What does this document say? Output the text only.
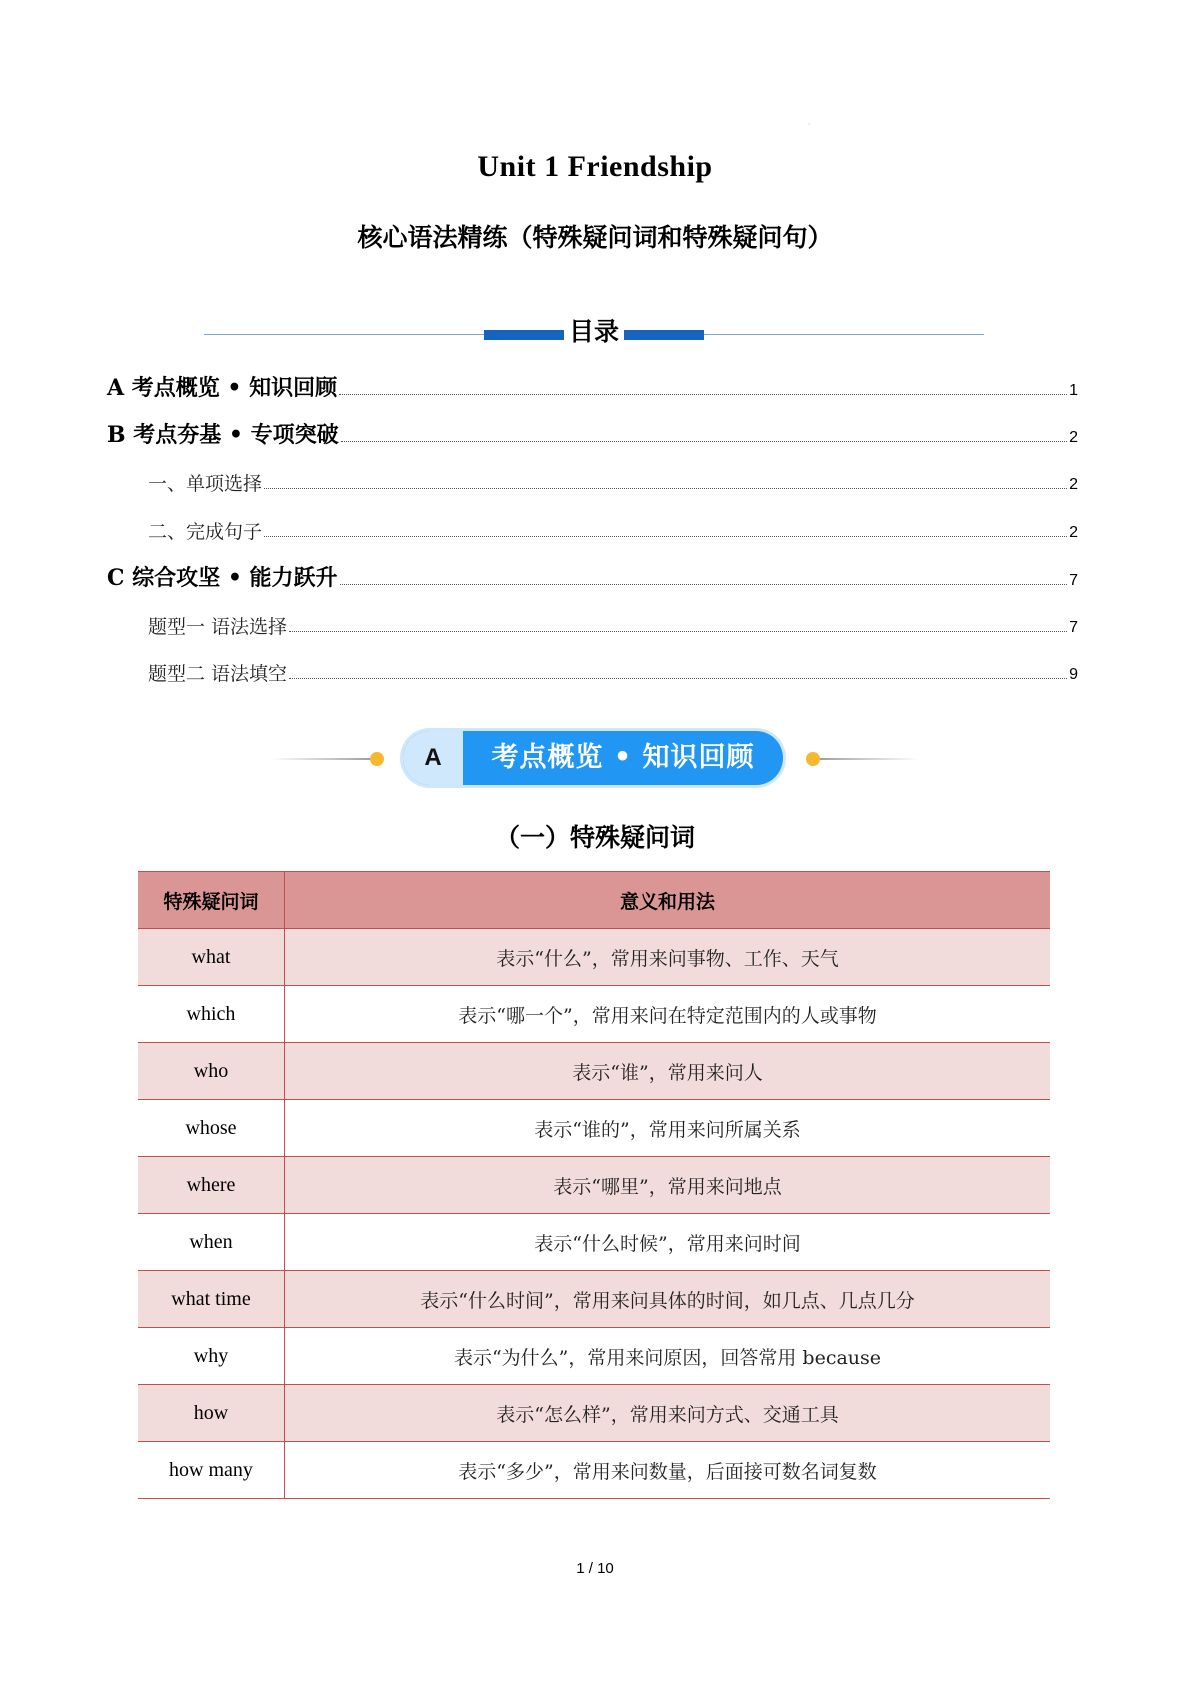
Unit 1 Friendship
核心语法精练（特殊疑问词和特殊疑问句）
目录
A 考点概览 • 知识回顾	1
B 考点夯基 • 专项突破	2
一、单项选择	2
二、完成句子	2
C 综合攻坚 • 能力跃升	7
题型一 语法选择	7
题型二 语法填空	9
A	考点概览 • 知识回顾
（一）特殊疑问词
特殊疑问词	意义和用法
what	表示“什么”，常用来问事物、工作、天气
which	表示“哪一个”，常用来问在特定范围内的人或事物
who	表示“谁”，常用来问人
whose	表示“谁的”，常用来问所属关系
where	表示“哪里”，常用来问地点
when	表示“什么时候”，常用来问时间
what time	表示“什么时间”，常用来问具体的时间，如几点、几点几分
why	表示“为什么”，常用来问原因，回答常用 because
how	表示“怎么样”，常用来问方式、交通工具
how many	表示“多少”，常用来问数量，后面接可数名词复数
1 / 10
'
